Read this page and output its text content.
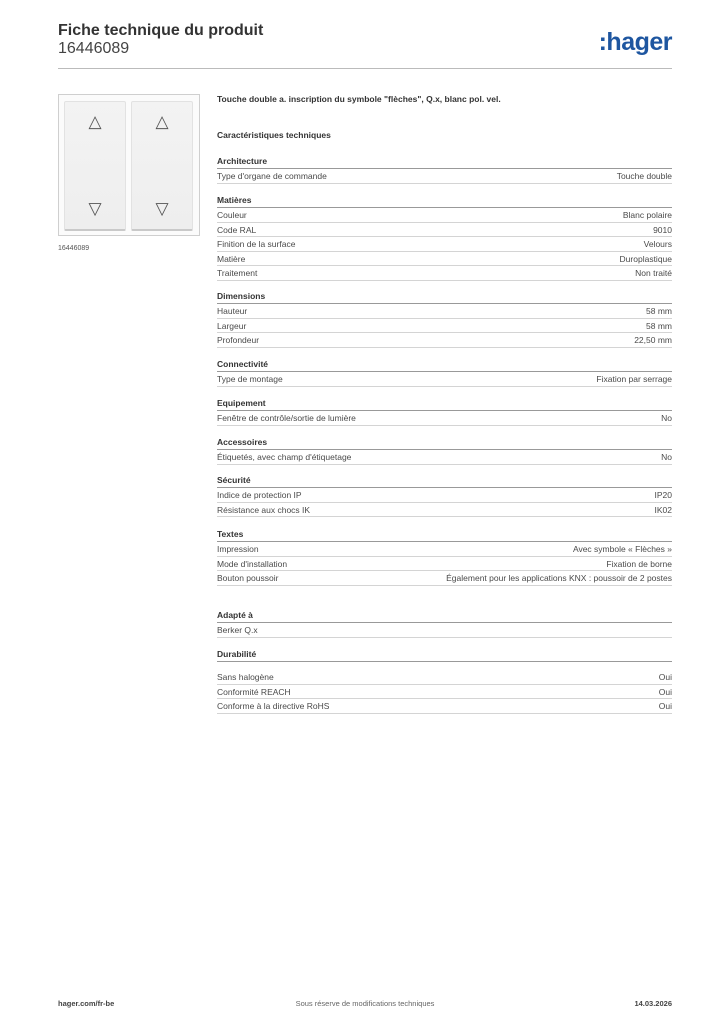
Fiche technique du produit
16446089	:hager
△
▽
△
▽
16446089
Touche double a. inscription du symbole "flèches", Q.x, blanc pol. vel.
Caractéristiques techniques
Architecture
Type d'organe de commande	Touche double
Matières
Couleur	Blanc polaire
Code RAL	9010
Finition de la surface	Velours
Matière	Duroplastique
Traitement	Non traité
Dimensions
Hauteur	58 mm
Largeur	58 mm
Profondeur	22,50 mm
Connectivité
Type de montage	Fixation par serrage
Equipement
Fenêtre de contrôle/sortie de lumière	No
Accessoires
Étiquetés, avec champ d'étiquetage	No
Sécurité
Indice de protection IP	IP20
Résistance aux chocs IK	IK02
Textes
Impression	Avec symbole « Flèches »
Mode d'installation	Fixation de borne
Bouton poussoir	Également pour les applications KNX : poussoir de 2 postes
Adapté à
Berker Q.x
Durabilité
Sans halogène	Oui
Conformité REACH	Oui
Conforme à la directive RoHS	Oui
hager.com/fr-be	Sous réserve de modifications techniques	14.03.2026
